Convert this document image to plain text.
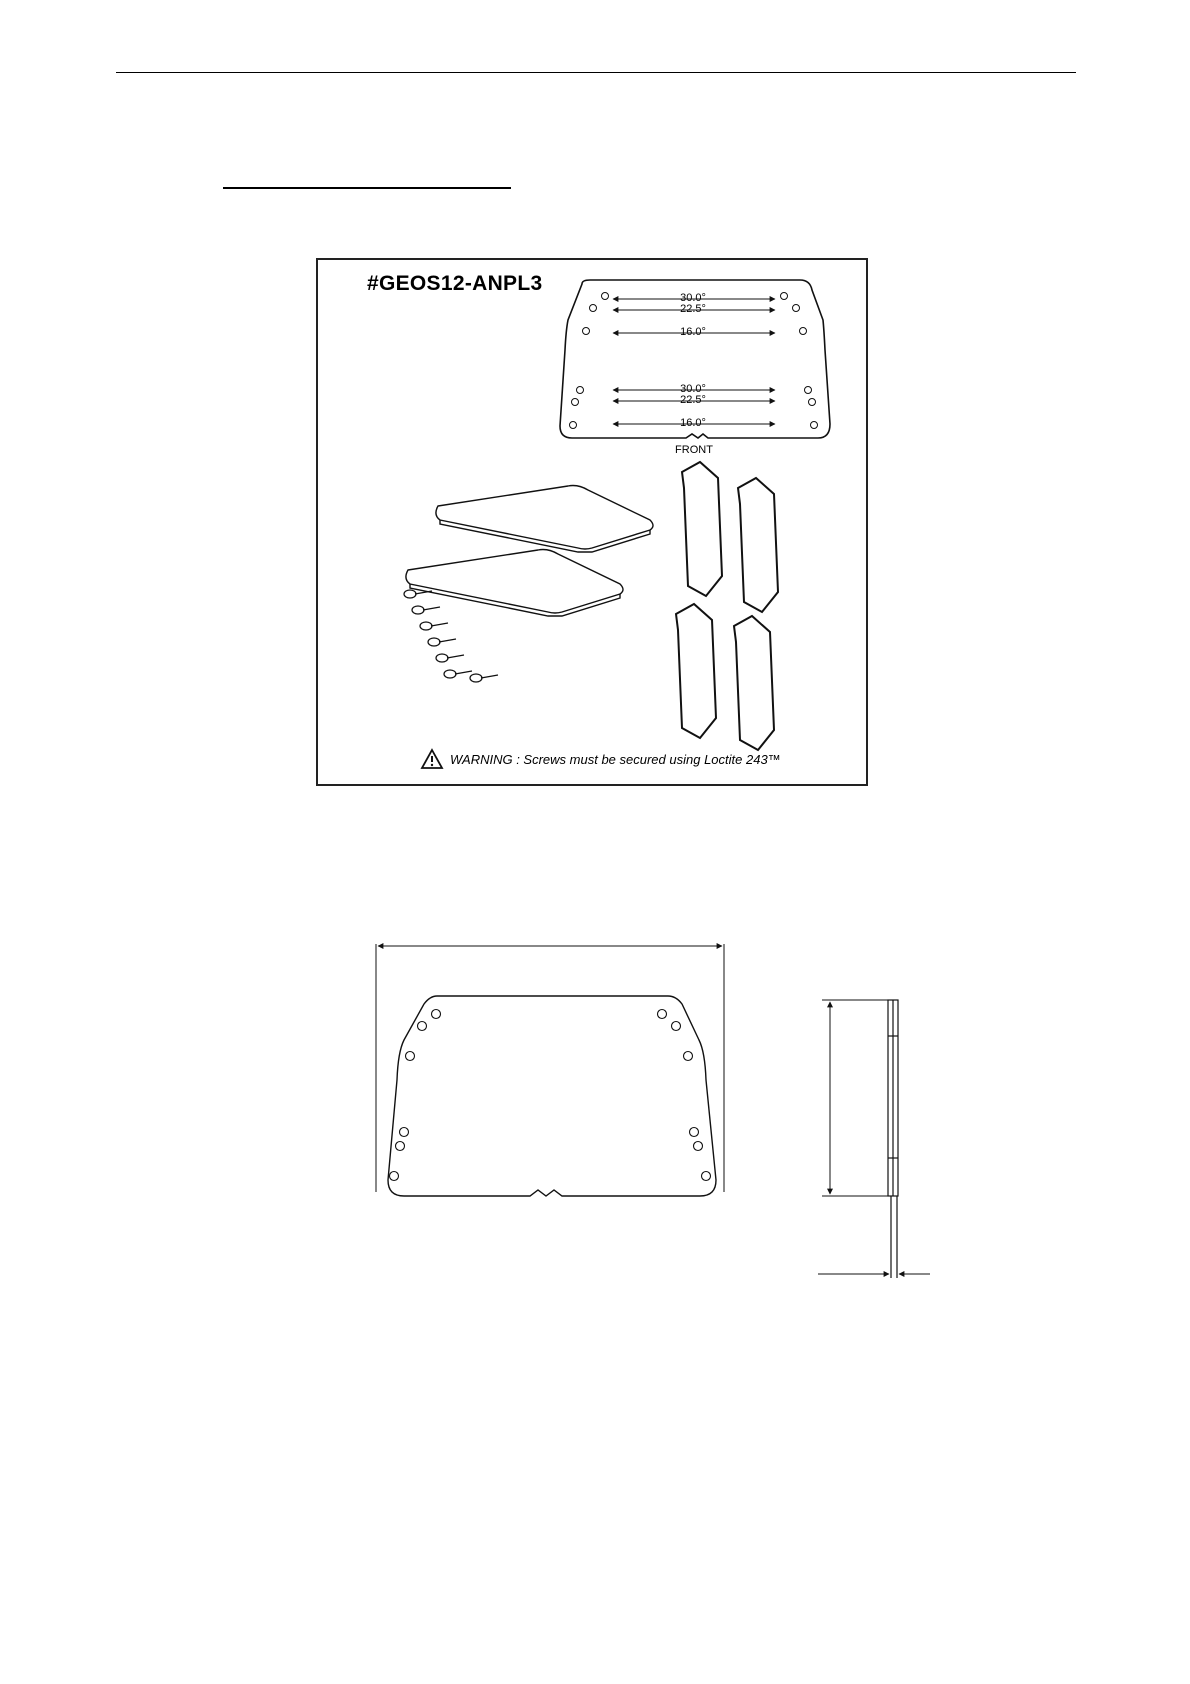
#GEOS12-ANPL3
30.0°
22.5°
16.0°
30.0°
22.5°
16.0°
FRONT
WARNING : Screws must be secured using Loctite 243™
